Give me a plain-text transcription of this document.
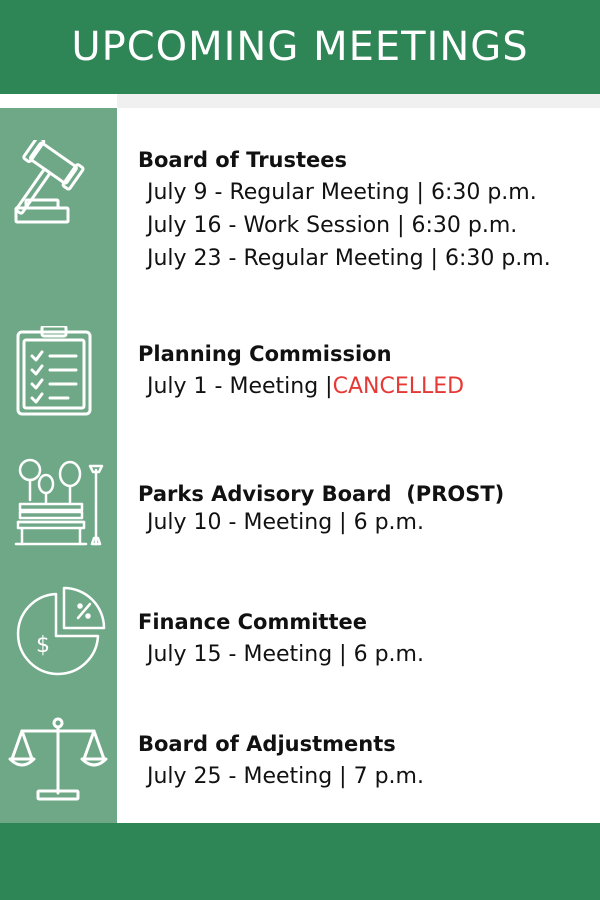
UPCOMING MEETINGS
$
Board of Trustees

July 9 - Regular Meeting | 6:30 p.m.

July 16 - Work Session | 6:30 p.m.

July 23 - Regular Meeting | 6:30 p.m.

Planning Commission

July 1 - Meeting |CANCELLED

Parks Advisory Board  (PROST)

July 10 - Meeting | 6 p.m.

Finance Committee

July 15 - Meeting | 6 p.m.

Board of Adjustments

July 25 - Meeting | 7 p.m.
